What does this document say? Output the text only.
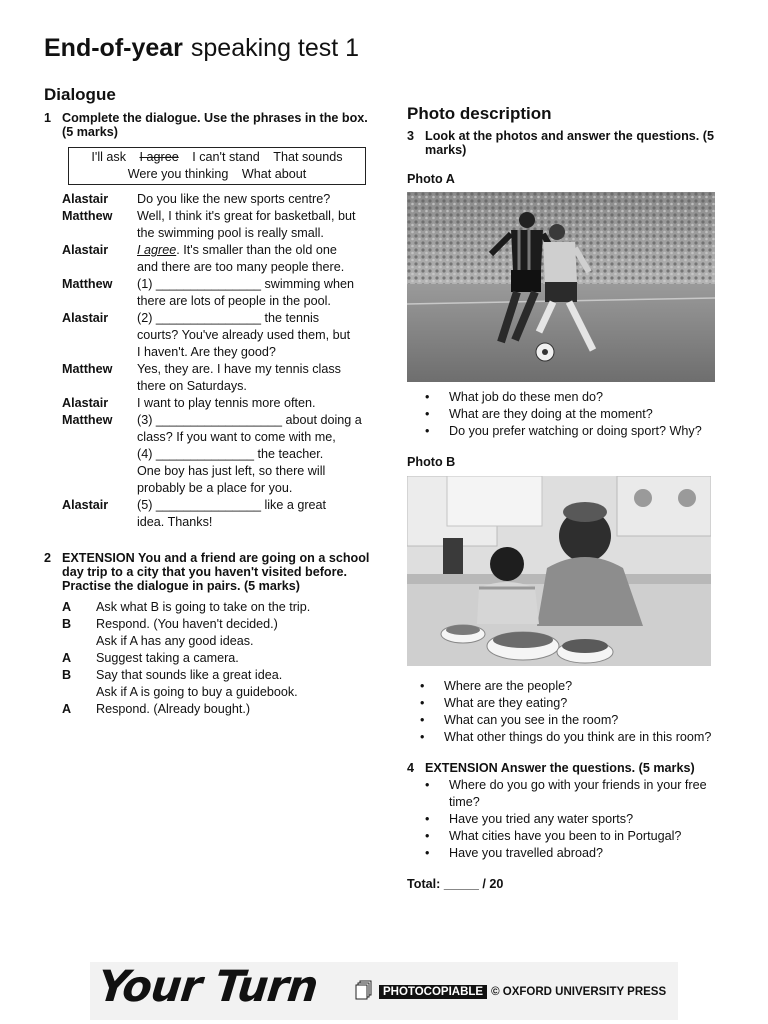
End-of-year speaking test 1
Dialogue
1 Complete the dialogue. Use the phrases in the box. (5 marks)
I'll ask I agree I can't stand That sounds
Were you thinking What about
Alastair	Do you like the new sports centre?
Matthew	Well, I think it's great for basketball, but
the swimming pool is really small.
Alastair	I agree. It's smaller than the old one
and there are too many people there.
Matthew	(1) _______________ swimming when
there are lots of people in the pool.
Alastair	(2) _______________ the tennis
courts? You've already used them, but
I haven't. Are they good?
Matthew	Yes, they are. I have my tennis class
there on Saturdays.
Alastair	I want to play tennis more often.
Matthew	(3) __________________ about doing a
class? If you want to come with me,
(4) ______________ the teacher.
One boy has just left, so there will
probably be a place for you.
Alastair	(5) _______________ like a great
idea. Thanks!
2 EXTENSION You and a friend are going on a school day trip to a city that you haven't visited before. Practise the dialogue in pairs. (5 marks)
A	Ask what B is going to take on the trip.
B	Respond. (You haven't decided.)
Ask if A has any good ideas.
A	Suggest taking a camera.
B	Say that sounds like a great idea.
Ask if A is going to buy a guidebook.
A	Respond. (Already bought.)
Photo description
3 Look at the photos and answer the questions. (5 marks)
Photo A
• What job do these men do?
• What are they doing at the moment?
• Do you prefer watching or doing sport? Why?
Photo B
• Where are the people?
• What are they eating?
• What can you see in the room?
• What other things do you think are in this room?
4 EXTENSION Answer the questions. (5 marks)
• Where do you go with your friends in your free time?
• Have you tried any water sports?
• What cities have you been to in Portugal?
• Have you travelled abroad?
Total: _____ / 20
Your Turn	PHOTOCOPIABLE © OXFORD UNIVERSITY PRESS
